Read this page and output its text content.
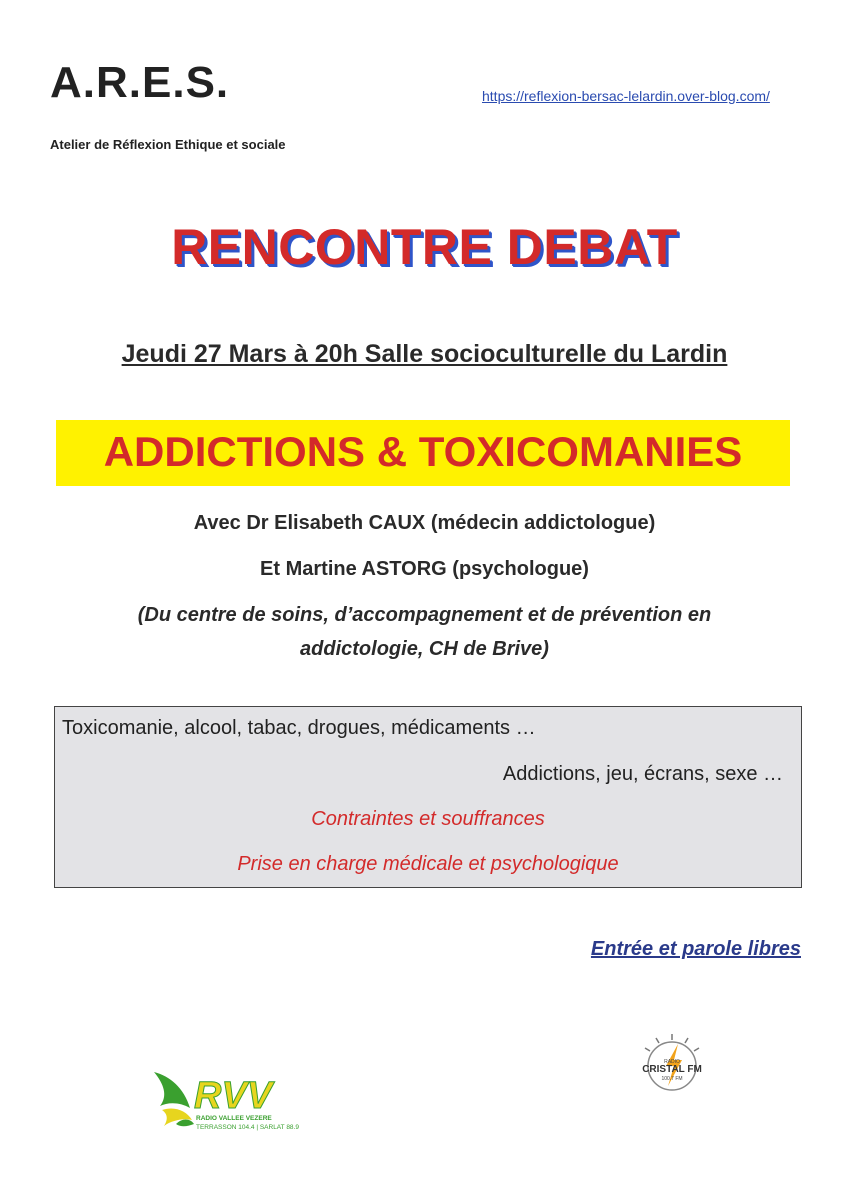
A.R.E.S.	https://reflexion-bersac-lelardin.over-blog.com/
Atelier de Réflexion Ethique et sociale
RENCONTRE DEBAT
Jeudi 27 Mars à 20h Salle socioculturelle du Lardin
ADDICTIONS & TOXICOMANIES
Avec Dr Elisabeth CAUX (médecin addictologue)
Et Martine ASTORG (psychologue)
(Du centre de soins, d’accompagnement et de prévention en
addictologie, CH de Brive)
Toxicomanie, alcool, tabac, drogues, médicaments …
Addictions, jeu, écrans, sexe …
Contraintes et souffrances
Prise en charge médicale et psychologique
Entrée et parole libres
RVV
RADIO VALLEE VEZERE
TERRASSON 104.4 | SARLAT 88.9
RADIO
CRISTAL FM
100.7 FM
